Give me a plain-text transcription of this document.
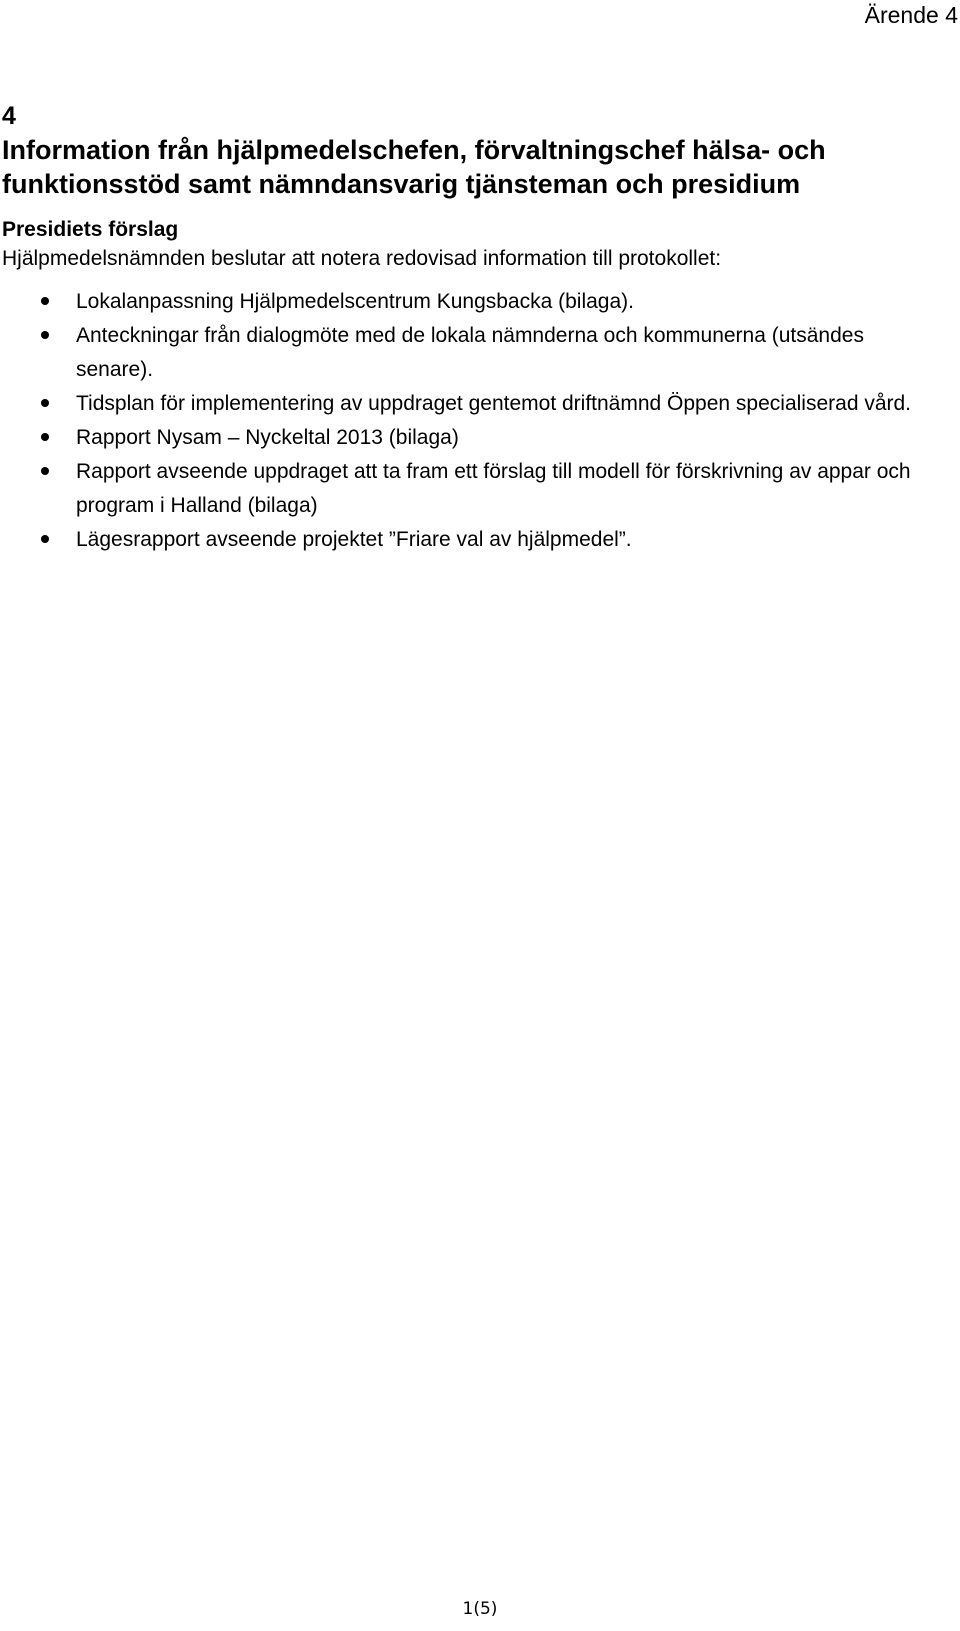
Ärende 4
4
Information från hjälpmedelschefen, förvaltningschef hälsa- och funktionsstöd samt nämndansvarig tjänsteman och presidium
Presidiets förslag

Hjälpmedelsnämnden beslutar att notera redovisad information till protokollet:

Lokalanpassning Hjälpmedelscentrum Kungsbacka (bilaga).
Anteckningar från dialogmöte med de lokala nämnderna och kommunerna (utsändes senare).
Tidsplan för implementering av uppdraget gentemot driftnämnd Öppen specialiserad vård.
Rapport Nysam – Nyckeltal 2013 (bilaga)
Rapport avseende uppdraget att ta fram ett förslag till modell för förskrivning av appar och program i Halland (bilaga)
Lägesrapport avseende projektet ”Friare val av hjälpmedel”.
1(5)
